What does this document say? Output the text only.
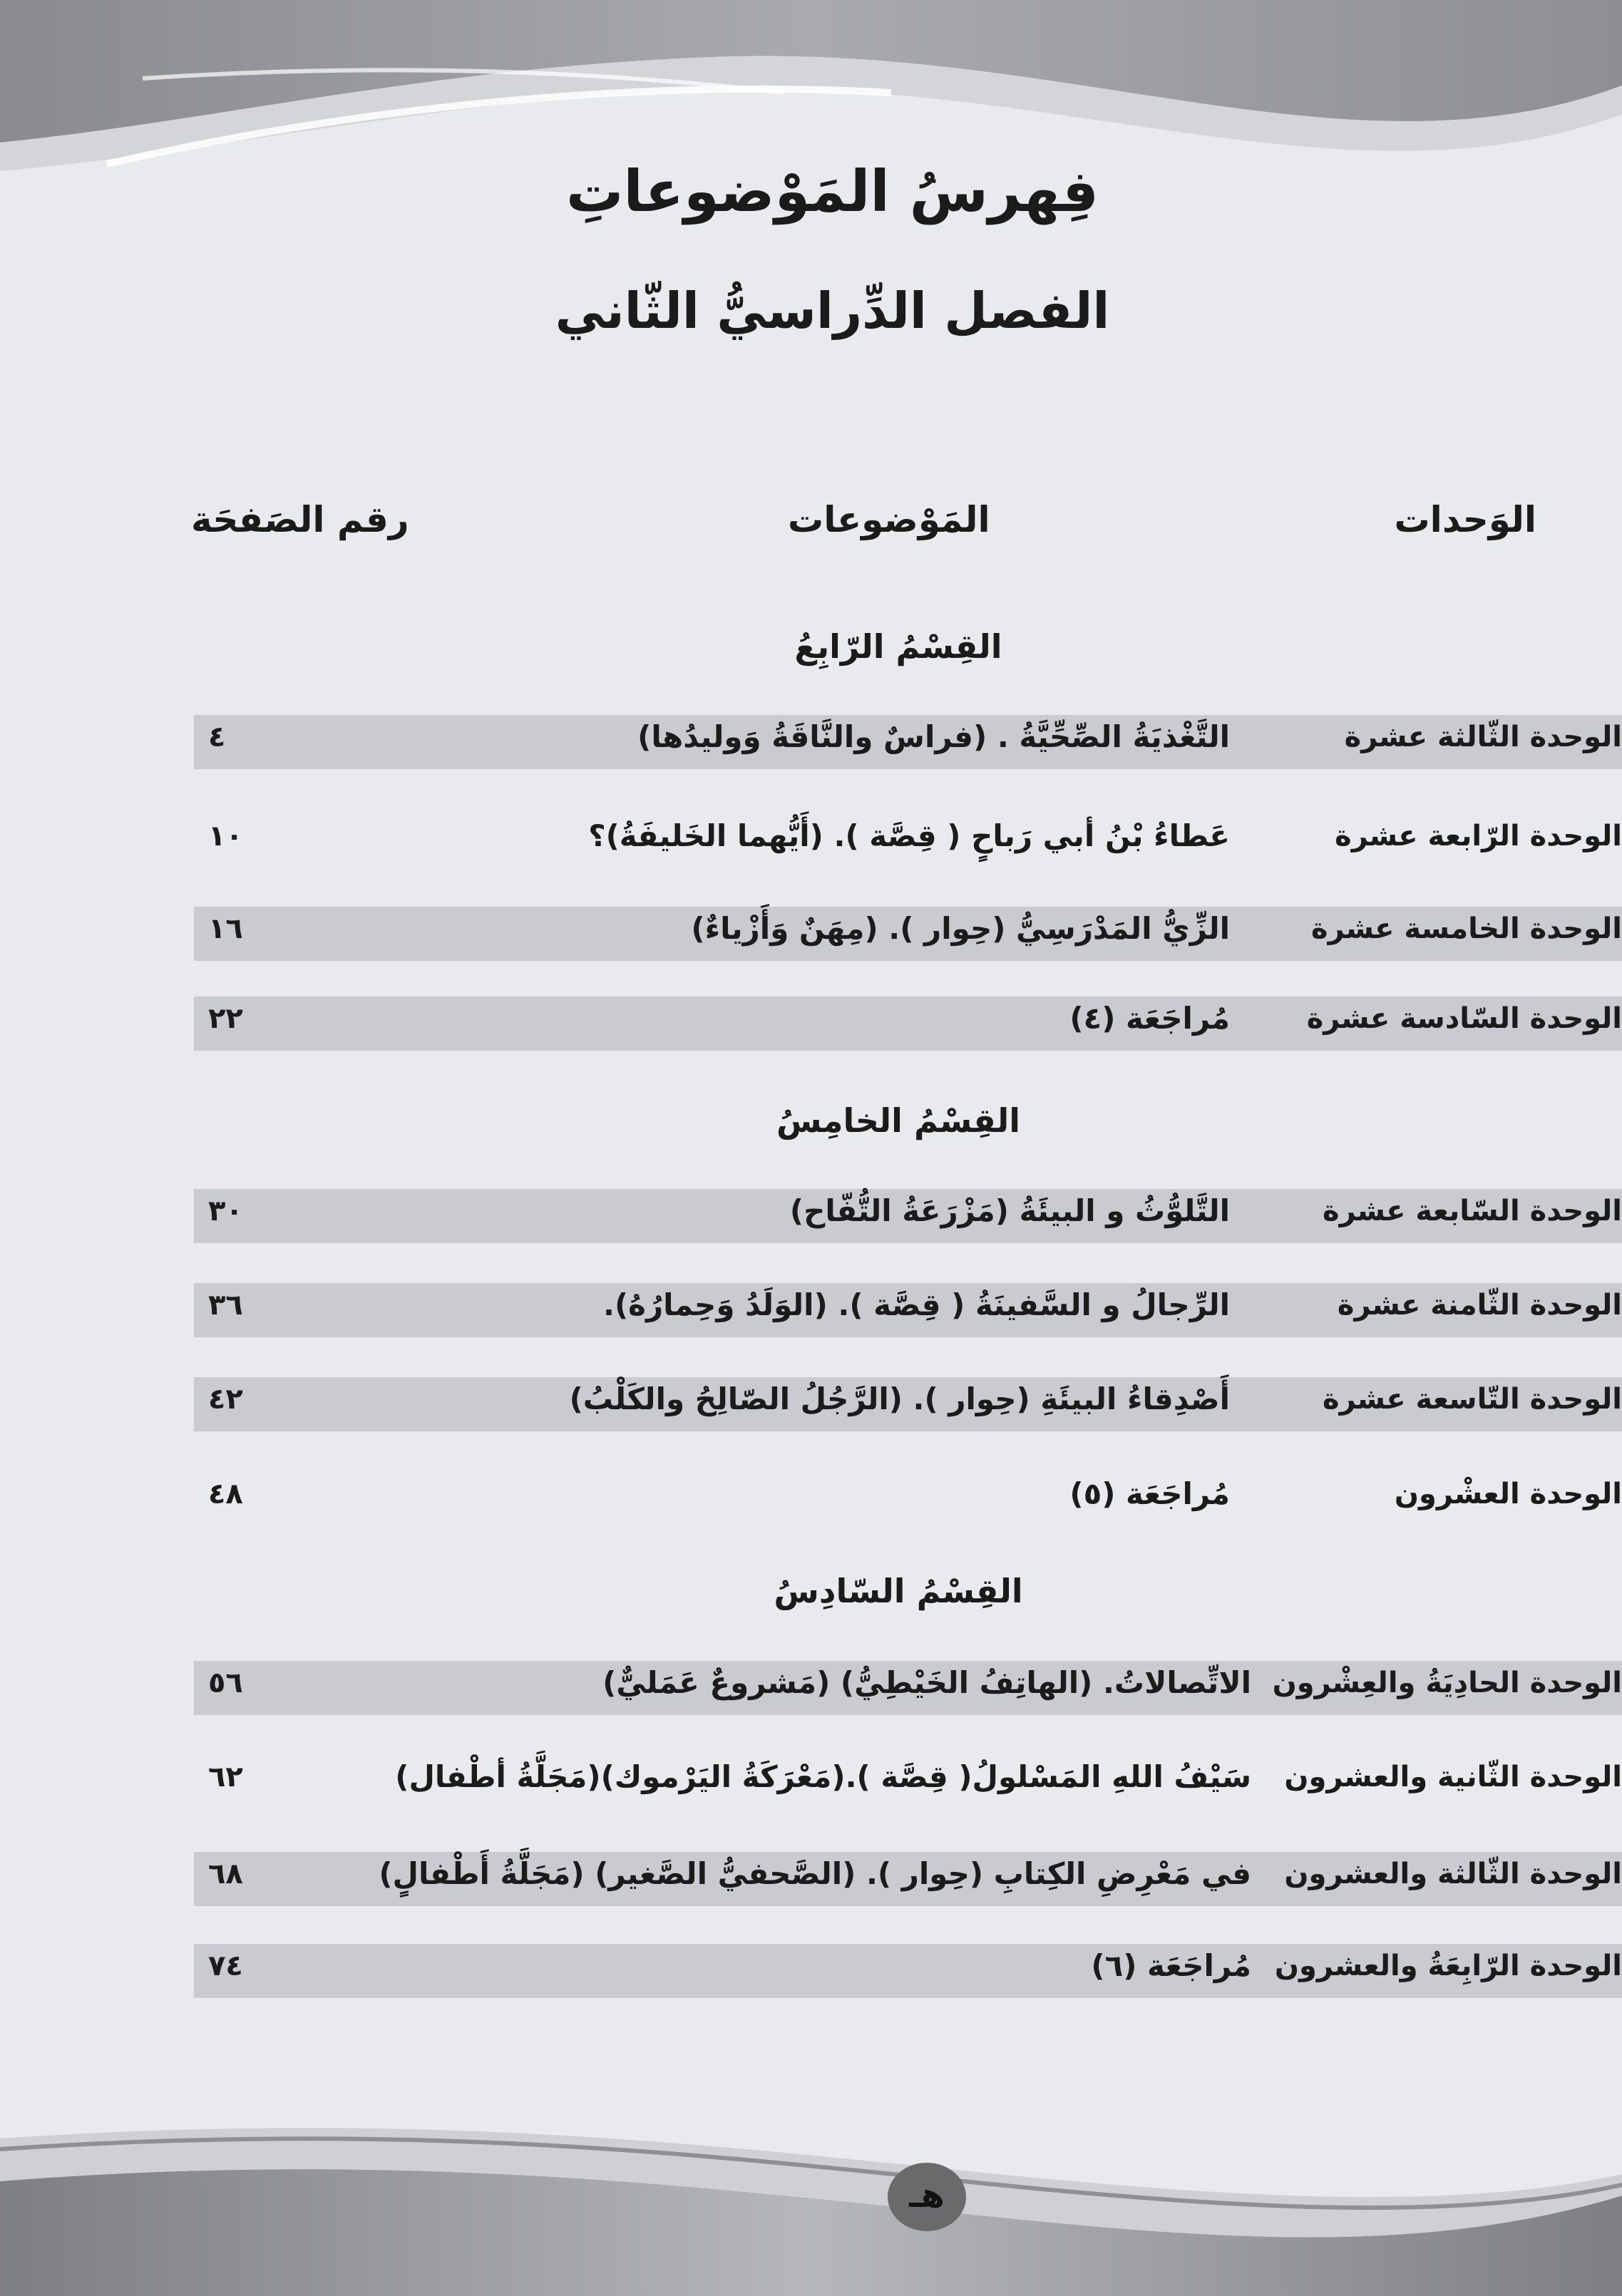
فِهرسُ المَوْضوعاتِ
الفصل الدِّراسيُّ الثّاني
الوَحدات
المَوْضوعات
رقم الصَفحَة
القِسْمُ الرّابِعُ
الوحدة الثّالثة عشرة
التَّغْذيَةُ الصِّحِّيَّةُ . (فراسٌ والنَّاقَةُ وَوليدُها)
٤
الوحدة الرّابعة عشرة
عَطاءُ بْنُ أبي رَباحٍ ( قِصَّة ). (أَيُّهما الخَليفَةُ)؟
١٠
الوحدة الخامسة عشرة
الزِّيُّ المَدْرَسِيُّ (حِوار ). (مِهَنٌ وَأَزْياءٌ)
١٦
الوحدة السّادسة عشرة
مُراجَعَة (٤)
٢٢
القِسْمُ الخامِسُ
الوحدة السّابعة عشرة
التَّلوُّثُ و البيئَةُ (مَزْرَعَةُ التُّفّاح)
٣٠
الوحدة الثّامنة عشرة
الرِّجالُ و السَّفينَةُ ( قِصَّة ). (الوَلَدُ وَحِمارُهُ).
٣٦
الوحدة التّاسعة عشرة
أَصْدِقاءُ البيئَةِ (حِوار ). (الرَّجُلُ الصّالِحُ والكَلْبُ)
٤٢
الوحدة العشْرون
مُراجَعَة (٥)
٤٨
القِسْمُ السّادِسُ
الوحدة الحادِيَةُ والعِشْرون
الاتِّصالاتُ. (الهاتِفُ الخَيْطِيُّ) (مَشروعٌ عَمَليٌّ)
٥٦
الوحدة الثّانية والعشرون
سَيْفُ اللهِ المَسْلولُ( قِصَّة ).(مَعْرَكَةُ اليَرْموك)(مَجَلَّةُ أطْفال)
٦٢
الوحدة الثّالثة والعشرون
في مَعْرِضِ الكِتابِ (حِوار ). (الصَّحفيُّ الصَّغير) (مَجَلَّةُ أَطْفالٍ)
٦٨
الوحدة الرّابِعَةُ والعشرون
مُراجَعَة (٦)
٧٤
هـ
